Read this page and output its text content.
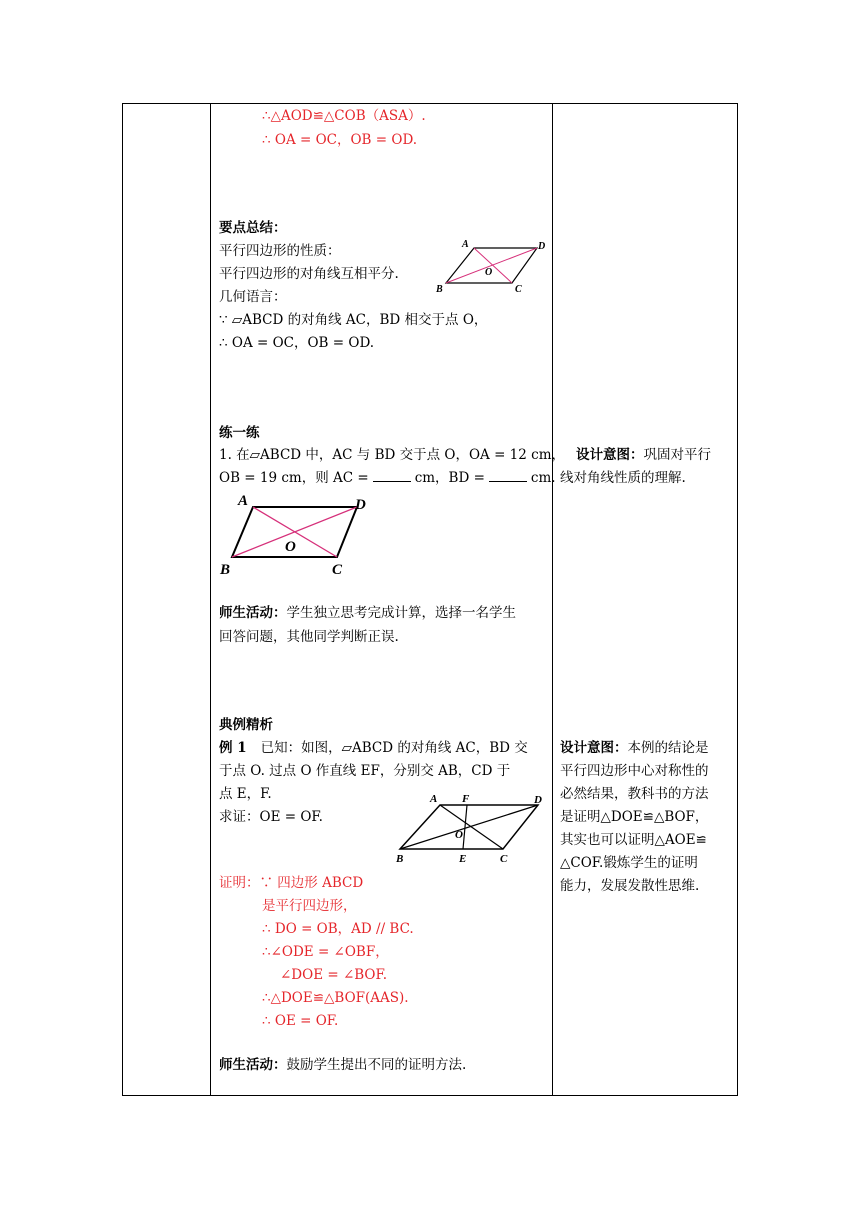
∴△AOD≌△COB（ASA）.
∴ OA = OC，OB = OD.
要点总结：
平行四边形的性质：
平行四边形的对角线互相平分.
几何语言：
∵ ▱ABCD 的对角线 AC，BD 相交于点 O，
∴ OA = OC，OB = OD.
A	D
O
B	C
练一练
1. 在▱ABCD 中，AC 与 BD 交于点 O，OA = 12 cm，
OB = 19 cm，则 AC =	cm，BD =	cm.
A	D
O
B	C
师生活动：学生独立思考完成计算，选择一名学生
回答问题，其他同学判断正误.
典例精析
例 1 已知：如图，▱ABCD 的对角线 AC，BD 交
于点 O. 过点 O 作直线 EF，分别交 AB，CD 于
点 E，F.
求证：OE = OF.
A F	D
O
B	E	C
证明：∵ 四边形 ABCD
是平行四边形，
∴ DO = OB，AD // BC.
∴∠ODE = ∠OBF，
∠DOE = ∠BOF.
∴△DOE≌△BOF(AAS).
∴ OE = OF.
师生活动：鼓励学生提出不同的证明方法.
设计意图：巩固对平行
线对角线性质的理解.
设计意图：本例的结论是
平行四边形中心对称性的
必然结果，教科书的方法
是证明△DOE≌△BOF，
其实也可以证明△AOE≌
△COF.锻炼学生的证明
能力，发展发散性思维.
